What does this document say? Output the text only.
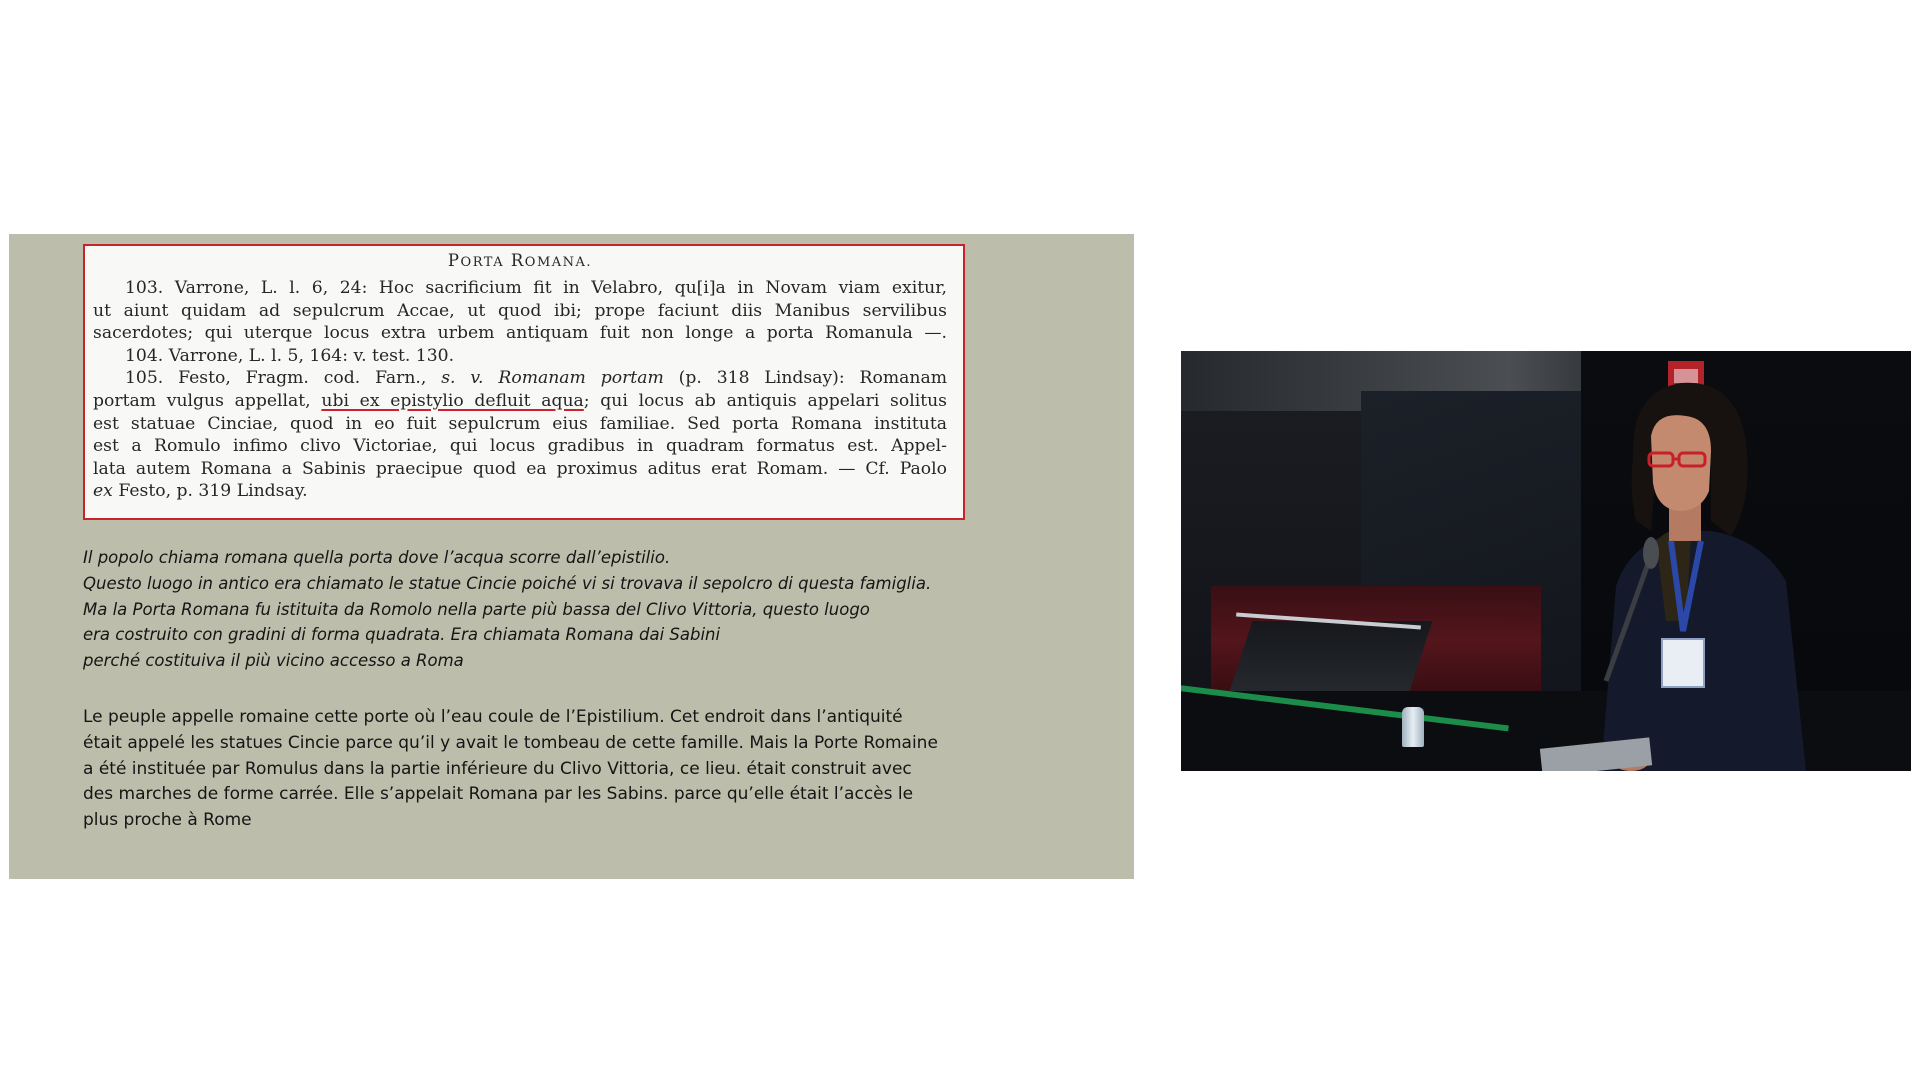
PORTA ROMANA.
103. Varrone, L. l. 6, 24: Hoc sacrificium fit in Velabro, qu[i]a in Novam viam exitur,
ut aiunt quidam ad sepulcrum Accae, ut quod ibi; prope faciunt diis Manibus servilibus
sacerdotes; qui uterque locus extra urbem antiquam fuit non longe a porta Romanula —.
104. Varrone, L. l. 5, 164: v. test. 130.
105. Festo, Fragm. cod. Farn., s. v. Romanam portam (p. 318 Lindsay): Romanam
portam vulgus appellat, ubi ex epistylio defluit aqua; qui locus ab antiquis appelari solitus
est statuae Cinciae, quod in eo fuit sepulcrum eius familiae. Sed porta Romana instituta
est a Romulo infimo clivo Victoriae, qui locus gradibus in quadram formatus est. Appel-
lata autem Romana a Sabinis praecipue quod ea proximus aditus erat Romam. — Cf. Paolo
ex Festo, p. 319 Lindsay.
Il popolo chiama romana quella porta dove l’acqua scorre dall’epistilio.
Questo luogo in antico era chiamato le statue Cincie poiché vi si trovava il sepolcro di questa famiglia.
Ma la Porta Romana fu istituita da Romolo nella parte più bassa del Clivo Vittoria, questo luogo
era costruito con gradini di forma quadrata. Era chiamata Romana dai Sabini
perché costituiva il più vicino accesso a Roma
Le peuple appelle romaine cette porte où l’eau coule de l’Epistilium. Cet endroit dans l’antiquité
était appelé les statues Cincie parce qu’il y avait le tombeau de cette famille. Mais la Porte Romaine
a été instituée par Romulus dans la partie inférieure du Clivo Vittoria, ce lieu. était construit avec
des marches de forme carrée. Elle s’appelait Romana par les Sabins. parce qu’elle était l’accès le
plus proche à Rome
